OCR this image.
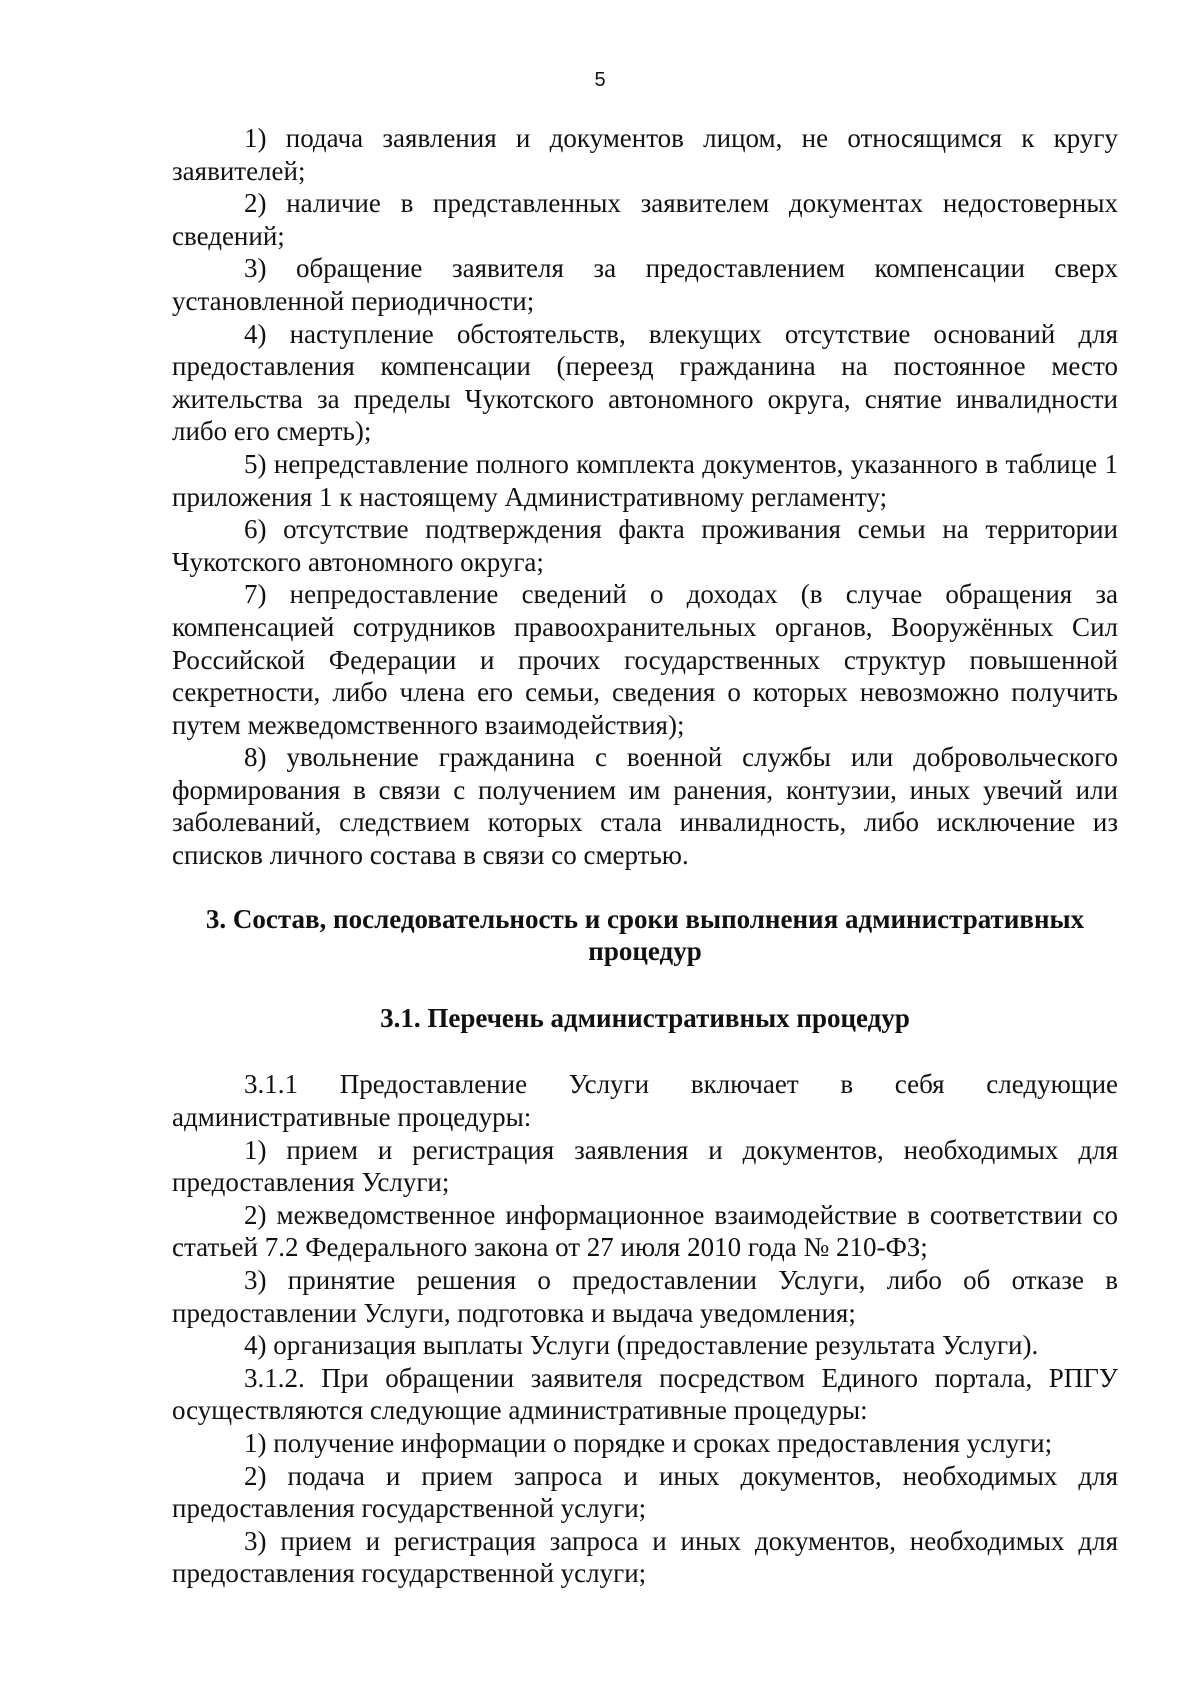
5

1) подача заявления и документов лицом, не относящимся к кругу заявителей;

2) наличие в представленных заявителем документах недостоверных сведений;

3) обращение заявителя за предоставлением компенсации сверх установленной периодичности;

4) наступление обстоятельств, влекущих отсутствие оснований для предоставления компенсации (переезд гражданина на постоянное место жительства за пределы Чукотского автономного округа, снятие инвалидности либо его смерть);

5) непредставление полного комплекта документов, указанного в таблице 1 приложения 1 к настоящему Административному регламенту;

6) отсутствие подтверждения факта проживания семьи на территории Чукотского автономного округа;

7) непредоставление сведений о доходах (в случае обращения за компенсацией сотрудников правоохранительных органов, Вооружённых Сил Российской Федерации и прочих государственных структур повышенной секретности, либо члена его семьи, сведения о которых невозможно получить путем межведомственного взаимодействия);

8) увольнение гражданина с военной службы или добровольческого формирования в связи с получением им ранения, контузии, иных увечий или заболеваний, следствием которых стала инвалидность, либо исключение из списков личного состава в связи со смертью.

3. Состав, последовательность и сроки выполнения административных процедур
3.1. Перечень административных процедур

3.1.1 Предоставление Услуги включает в себя следующие административные процедуры:

1) прием и регистрация заявления и документов, необходимых для предоставления Услуги;

2) межведомственное информационное взаимодействие в соответствии со статьей 7.2 Федерального закона от 27 июля 2010 года № 210-ФЗ;

3) принятие решения о предоставлении Услуги, либо об отказе в предоставлении Услуги, подготовка и выдача уведомления;

4) организация выплаты Услуги (предоставление результата Услуги).

3.1.2. При обращении заявителя посредством Единого портала, РПГУ осуществляются следующие административные процедуры:

1) получение информации о порядке и сроках предоставления услуги;

2) подача и прием запроса и иных документов, необходимых для предоставления государственной услуги;

3) прием и регистрация запроса и иных документов, необходимых для предоставления государственной услуги;
